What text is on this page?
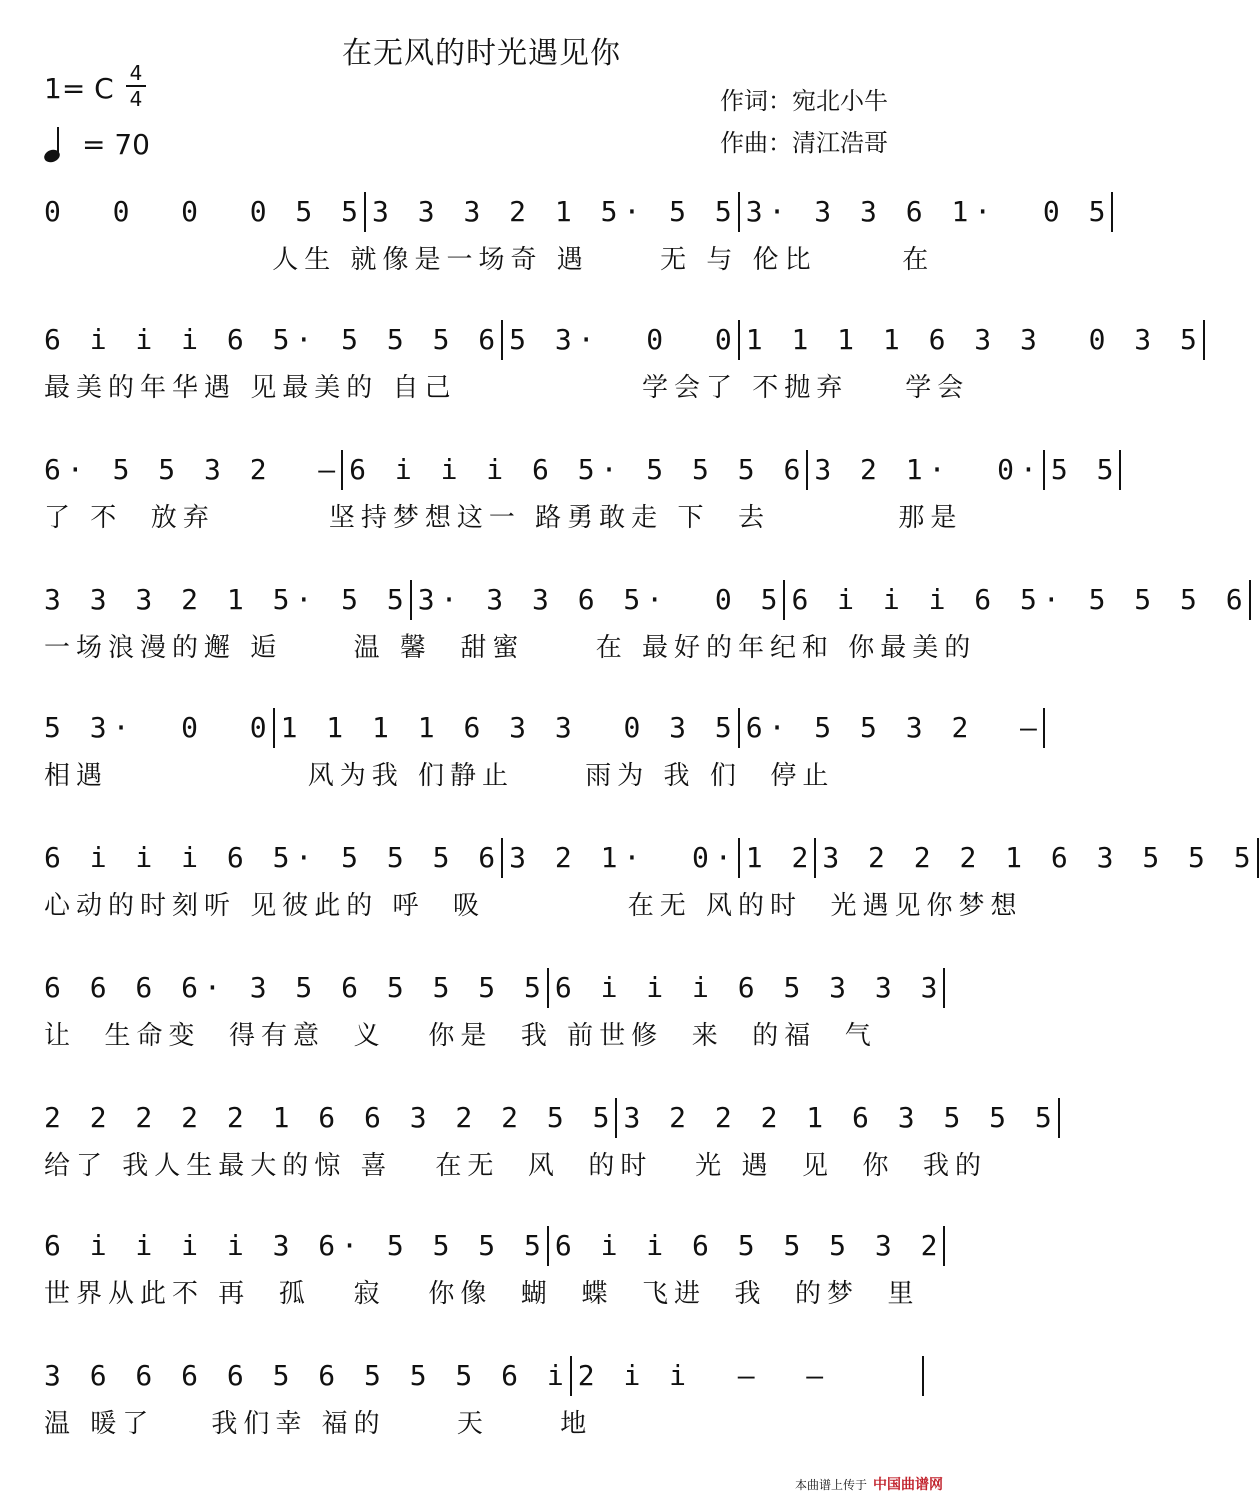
在无风的时光遇见你
1= C 4
4
= 70
作词：宛北小牛
作曲：清江浩哥
0  0  0  0 5 5 3 3 3 2 1 5· 5 5 3· 3 3 6 1·  0 5
人生 就像是一场奇 遇     无 与 伦比      在
6 i i i 6 5· 5 5 5 6 5 3·  0  0 1 1 1 1 6 3 3  0 3 5
最美的年华遇 见最美的 自己             学会了 不抛弃    学会
6· 5 5 3 2  – 6 i i i 6 5· 5 5 5 6 3 2 1·  0· 5 5
了 不  放弃        坚持梦想这一 路勇敢走 下  去         那是
3 3 3 2 1 5· 5 5 3· 3 3 6 5·  0 5 6 i i i 6 5· 5 5 5 6
一场浪漫的邂 逅     温 馨  甜蜜     在 最好的年纪和 你最美的
5 3·  0  0 1 1 1 1 6 3 3  0 3 5 6· 5 5 3 2  –
相遇              风为我 们静止     雨为 我 们  停止
6 i i i 6 5· 5 5 5 6 3 2 1·  0· 1 2 3 2 2 2 1 6 3 5 5 5
心动的时刻听 见彼此的 呼  吸          在无 风的时  光遇见你梦想
6 6 6 6· 3 5 6 5 5 5 5 6 i i i 6 5 3 3 3
让  生命变  得有意  义   你是  我 前世修  来  的福  气
2 2 2 2 2 1 6 6 3 2 2 5 5 3 2 2 2 1 6 3 5 5 5
给了 我人生最大的惊 喜   在无  风  的时   光 遇  见  你  我的
6 i i i i 3 6· 5 5 5 5 6 i i 6 5 5 5 3 2
世界从此不 再  孤   寂   你像  蝴  蝶  飞进  我  的梦  里
3 6 6 6 6 5 6 5 5 5 6 i 2 i i  –  –
温 暖了    我们幸 福的     天     地
本曲谱上传于 中国曲谱网
